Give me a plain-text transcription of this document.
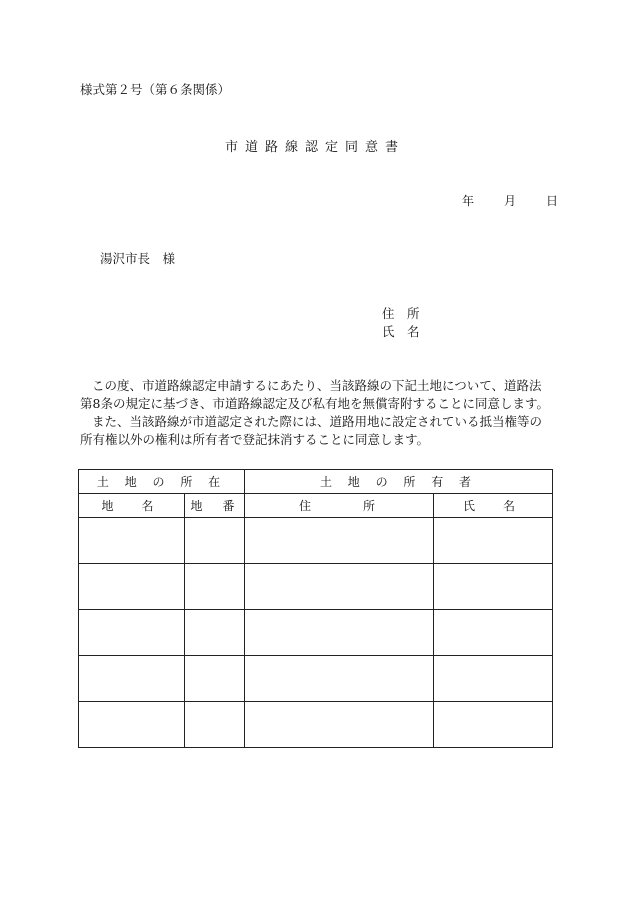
様式第２号（第６条関係）
市道路線認定同意書
年	月	日
湯沢市長　様
住　所
氏　名

この度、市道路線認定申請するにあたり、当該路線の下記土地について、道路法第8条の規定に基づき、市道路線認定及び私有地を無償寄附することに同意します。

また、当該路線が市道認定された際には、道路用地に設定されている抵当権等の所有権以外の権利は所有者で登記抹消することに同意します。

土 地 の 所 在		土 地 の 所 有 者	
地　名	地　番	住　　　所	氏　名
